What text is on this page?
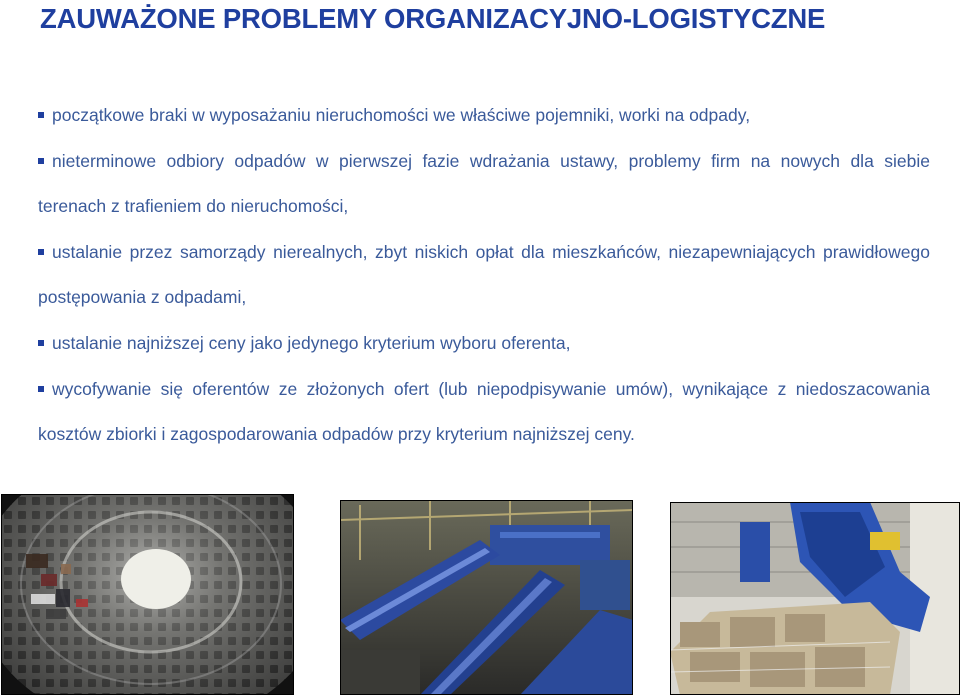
ZAUWAŻONE PROBLEMY ORGANIZACYJNO-LOGISTYCZNE
początkowe braki w wyposażaniu nieruchomości we właściwe pojemniki, worki na odpady,
nieterminowe odbiory odpadów w pierwszej fazie wdrażania ustawy, problemy firm na nowych dla siebie terenach z trafieniem do nieruchomości,
ustalanie przez samorządy nierealnych, zbyt niskich opłat dla mieszkańców, niezapewniających prawidłowego postępowania z odpadami,
ustalanie najniższej ceny jako jedynego kryterium wyboru oferenta,
wycofywanie się oferentów ze złożonych ofert (lub niepodpisywanie umów), wynikające z niedoszacowania kosztów zbiorki i zagospodarowania odpadów przy kryterium najniższej ceny.
